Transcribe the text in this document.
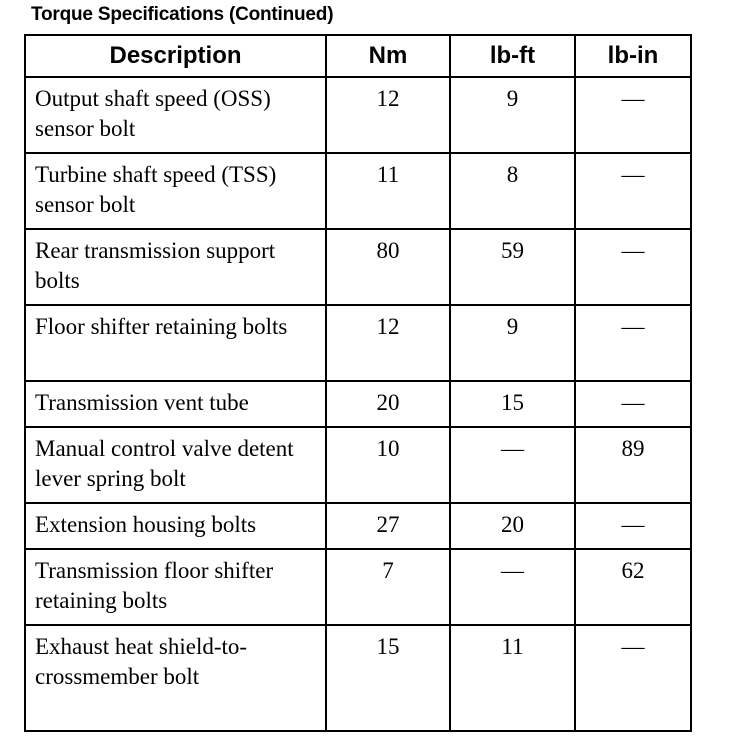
Torque Specifications (Continued)
Description	Nm	lb-ft	lb-in
Output shaft speed (OSS) sensor bolt	12	9	—
Turbine shaft speed (TSS) sensor bolt	11	8	—
Rear transmission support bolts	80	59	—
Floor shifter retaining bolts	12	9	—
Transmission vent tube	20	15	—
Manual control valve detent lever spring bolt	10	—	89
Extension housing bolts	27	20	—
Transmission floor shifter retaining bolts	7	—	62
Exhaust heat shield-to-crossmember bolt	15	11	—
